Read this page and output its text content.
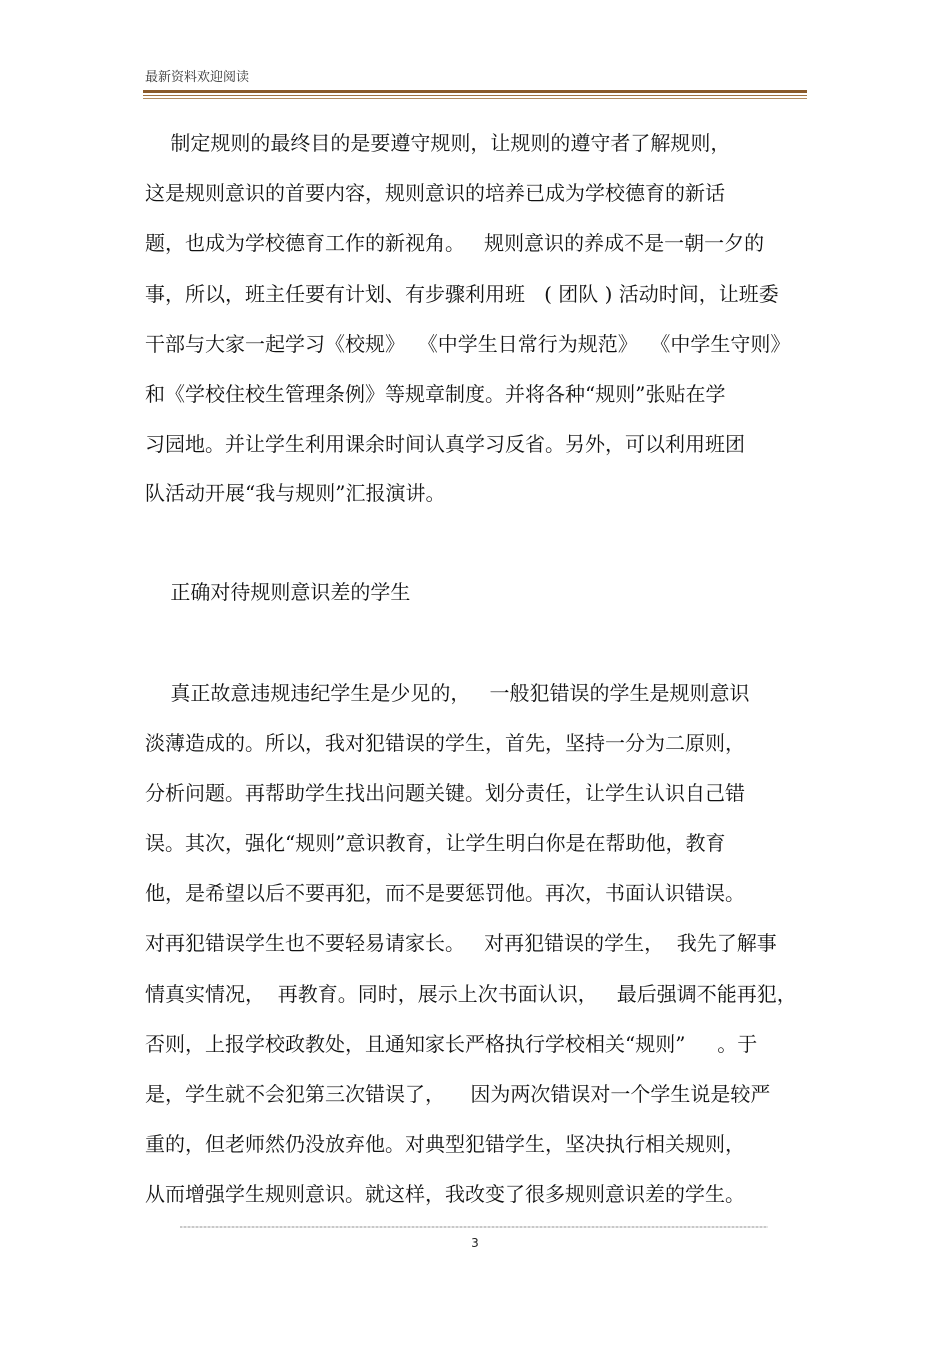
最新资料欢迎阅读
制定规则的最终目的是要遵守规则，让规则的遵守者了解规则，
这是规则意识的首要内容，规则意识的培养已成为学校德育的新话
题，也成为学校德育工作的新视角。   规则意识的养成不是一朝一夕的
事，所以，班主任要有计划、有步骤利用班   ( 团队 ) 活动时间，让班委
干部与大家一起学习《校规》  《中学生日常行为规范》  《中学生守则》
和《学校住校生管理条例》等规章制度。并将各种“规则”张贴在学
习园地。并让学生利用课余时间认真学习反省。另外，可以利用班团
队活动开展“我与规则”汇报演讲。
正确对待规则意识差的学生
真正故意违规违纪学生是少见的，   一般犯错误的学生是规则意识
淡薄造成的。所以，我对犯错误的学生，首先，坚持一分为二原则，
分析问题。再帮助学生找出问题关键。划分责任，让学生认识自己错
误。其次，强化“规则”意识教育，让学生明白你是在帮助他，教育
他，是希望以后不要再犯，而不是要惩罚他。再次，书面认识错误。
对再犯错误学生也不要轻易请家长。   对再犯错误的学生，  我先了解事
情真实情况，  再教育。同时，展示上次书面认识，   最后强调不能再犯，
否则，上报学校政教处，且通知家长严格执行学校相关“规则”     。于
是，学生就不会犯第三次错误了，    因为两次错误对一个学生说是较严
重的，但老师然仍没放弃他。对典型犯错学生，坚决执行相关规则，
从而增强学生规则意识。就这样，我改变了很多规则意识差的学生。
3
